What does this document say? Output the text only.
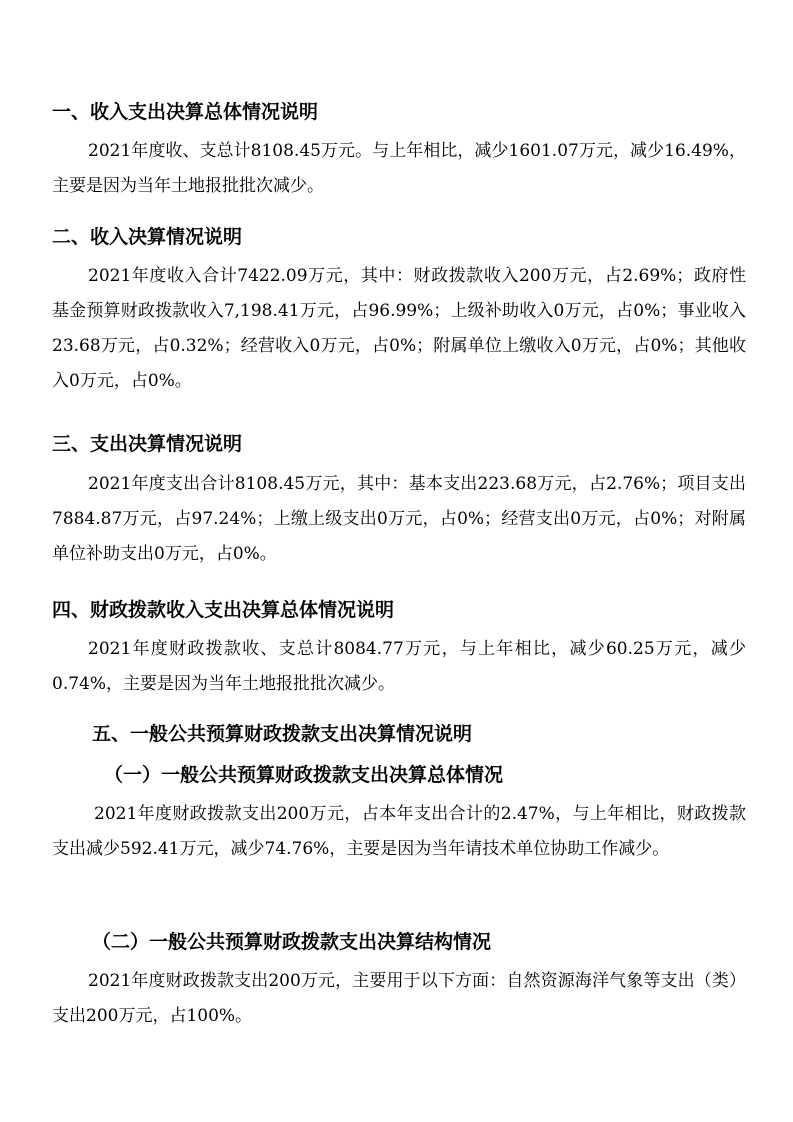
一、收入支出决算总体情况说明
2021年度收、支总计8108.45万元。与上年相比，减少1601.07万元，减少16.49%，主要是因为当年土地报批批次减少。
二、收入决算情况说明
2021年度收入合计7422.09万元，其中：财政拨款收入200万元，占2.69%；政府性基金预算财政拨款收入7,198.41万元，占96.99%；上级补助收入0万元，占0%；事业收入23.68万元，占0.32%；经营收入0万元，占0%；附属单位上缴收入0万元，占0%；其他收入0万元，占0%。
三、支出决算情况说明
2021年度支出合计8108.45万元，其中：基本支出223.68万元，占2.76%；项目支出7884.87万元，占97.24%；上缴上级支出0万元，占0%；经营支出0万元，占0%；对附属单位补助支出0万元，占0%。
四、财政拨款收入支出决算总体情况说明
2021年度财政拨款收、支总计8084.77万元，与上年相比，减少60.25万元，减少0.74%，主要是因为当年土地报批批次减少。
五、一般公共预算财政拨款支出决算情况说明
（一）一般公共预算财政拨款支出决算总体情况
2021年度财政拨款支出200万元，占本年支出合计的2.47%，与上年相比，财政拨款支出减少592.41万元，减少74.76%，主要是因为当年请技术单位协助工作减少。
（二）一般公共预算财政拨款支出决算结构情况
2021年度财政拨款支出200万元，主要用于以下方面：自然资源海洋气象等支出（类）支出200万元，占100%。
